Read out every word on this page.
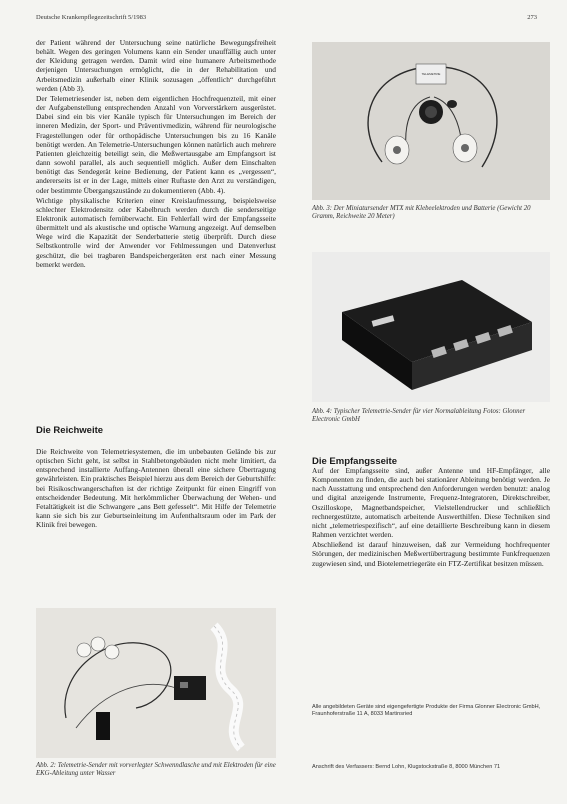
Deutsche Krankenpflegezeitschrift 5/1983	273

der Patient während der Untersuchung seine natürliche Bewegungsfreiheit behält. Wegen des geringen Volumens kann ein Sender unauffällig auch unter der Kleidung getragen werden. Damit wird eine humanere Arbeitsmethode derjenigen Untersuchungen ermöglicht, die in der Rehabilitation und Arbeitsmedizin außerhalb einer Klinik sozusagen „öffentlich“ durchgeführt werden (Abb 3).

Der Telemetriesender ist, neben dem eigentlichen Hochfrequenzteil, mit einer der Aufgabenstellung entsprechenden Anzahl von Vorverstärkern ausgerüstet. Dabei sind ein bis vier Kanäle typisch für Untersuchungen im Bereich der inneren Medizin, der Sport- und Präventivmedizin, während für neurologische Fragestellungen oder für orthopädische Untersuchungen bis zu 16 Kanäle benötigt werden. An Telemetrie-Untersuchungen können natürlich auch mehrere Patienten gleichzeitig beteiligt sein, die Meßwertausgabe am Empfangsort ist dann sowohl parallel, als auch sequentiell möglich. Außer dem Einschalten benötigt das Sendegerät keine Bedienung, der Patient kann es „vergessen“, andererseits ist er in der Lage, mittels einer Ruftaste den Arzt zu verständigen, oder bestimmte Übergangszustände zu dokumentieren (Abb. 4).

Wichtige physikalische Kriterien einer Kreislaufmessung, beispielsweise schlechter Elektrodensitz oder Kabelbruch werden durch die senderseitige Elektronik automatisch fernüberwacht. Ein Fehlerfall wird der Empfangsseite übermittelt und als akustische und optische Warnung angezeigt. Auf demselben Wege wird die Kapazität der Senderbatterie stetig überprüft. Durch diese Selbstkontrolle wird der Anwender vor Fehlmessungen und Datenverlust geschützt, die bei tragbaren Bandspeichergeräten erst nach einer Messung bemerkt werden.

Die Reichweite

Die Reichweite von Telemetriesystemen, die im unbebauten Gelände bis zur optischen Sicht geht, ist selbst in Stahlbetongebäuden nicht mehr limitiert, da entsprechend installierte Auffang-Antennen überall eine sichere Übertragung gewährleisten. Ein praktisches Beispiel hierzu aus dem Bereich der Geburtshilfe: bei Risikoschwangerschaften ist der richtige Zeitpunkt für einen Eingriff von entscheidender Bedeutung. Mit herkömmlicher Überwachung der Wehen- und Fetaltätigkeit ist die Schwangere „ans Bett gefesselt“. Mit Hilfe der Telemetrie kann sie sich bis zur Geburtseinleitung im Aufenthaltsraum oder im Park der Klinik frei bewegen.

TELEMETRIE
Abb. 3: Der Miniatursender MTX mit Klebeelektroden und Batterie (Gewicht 20 Gramm, Reichweite 20 Meter)
Abb. 4: Typischer Telemetrie-Sender für vier Normalableitung Fotos: Glonner Electronic GmbH
Die Empfangsseite

Auf der Empfangsseite sind, außer Antenne und HF-Empfänger, alle Komponenten zu finden, die auch bei stationärer Ableitung benötigt werden. Je nach Ausstattung und entsprechend den Anforderungen werden benutzt: analog und digital anzeigende Instrumente, Frequenz-Integratoren, Direktschreiber, Oszilloskope, Magnetbandspeicher, Vielstellendrucker und schließlich rechnergestützte, automatisch arbeitende Auswerthilfen. Diese Techniken sind nicht „telemetriespezifisch“, auf eine detaillierte Beschreibung kann in diesem Rahmen verzichtet werden.

Abschließend ist darauf hinzuweisen, daß zur Vermeidung hochfrequenter Störungen, der medizinischen Meßwertübertragung bestimmte Funkfrequenzen zugewiesen sind, und Biotelemetriegeräte ein FTZ-Zertifikat besitzen müssen.

Abb. 2: Telemetrie-Sender mit vorverlegter Schwenndlasche und mit Elektroden für eine EKG-Ableitung unter Wasser
Alle angebildeten Geräte sind eigengefertigte Produkte der Firma Glonner Electronic GmbH, Fraunhoferstraße 11 A, 8033 Martinsried
Anschrift des Verfassers: Bernd Lohn, Klugstockstraße 8, 8000 München 71
